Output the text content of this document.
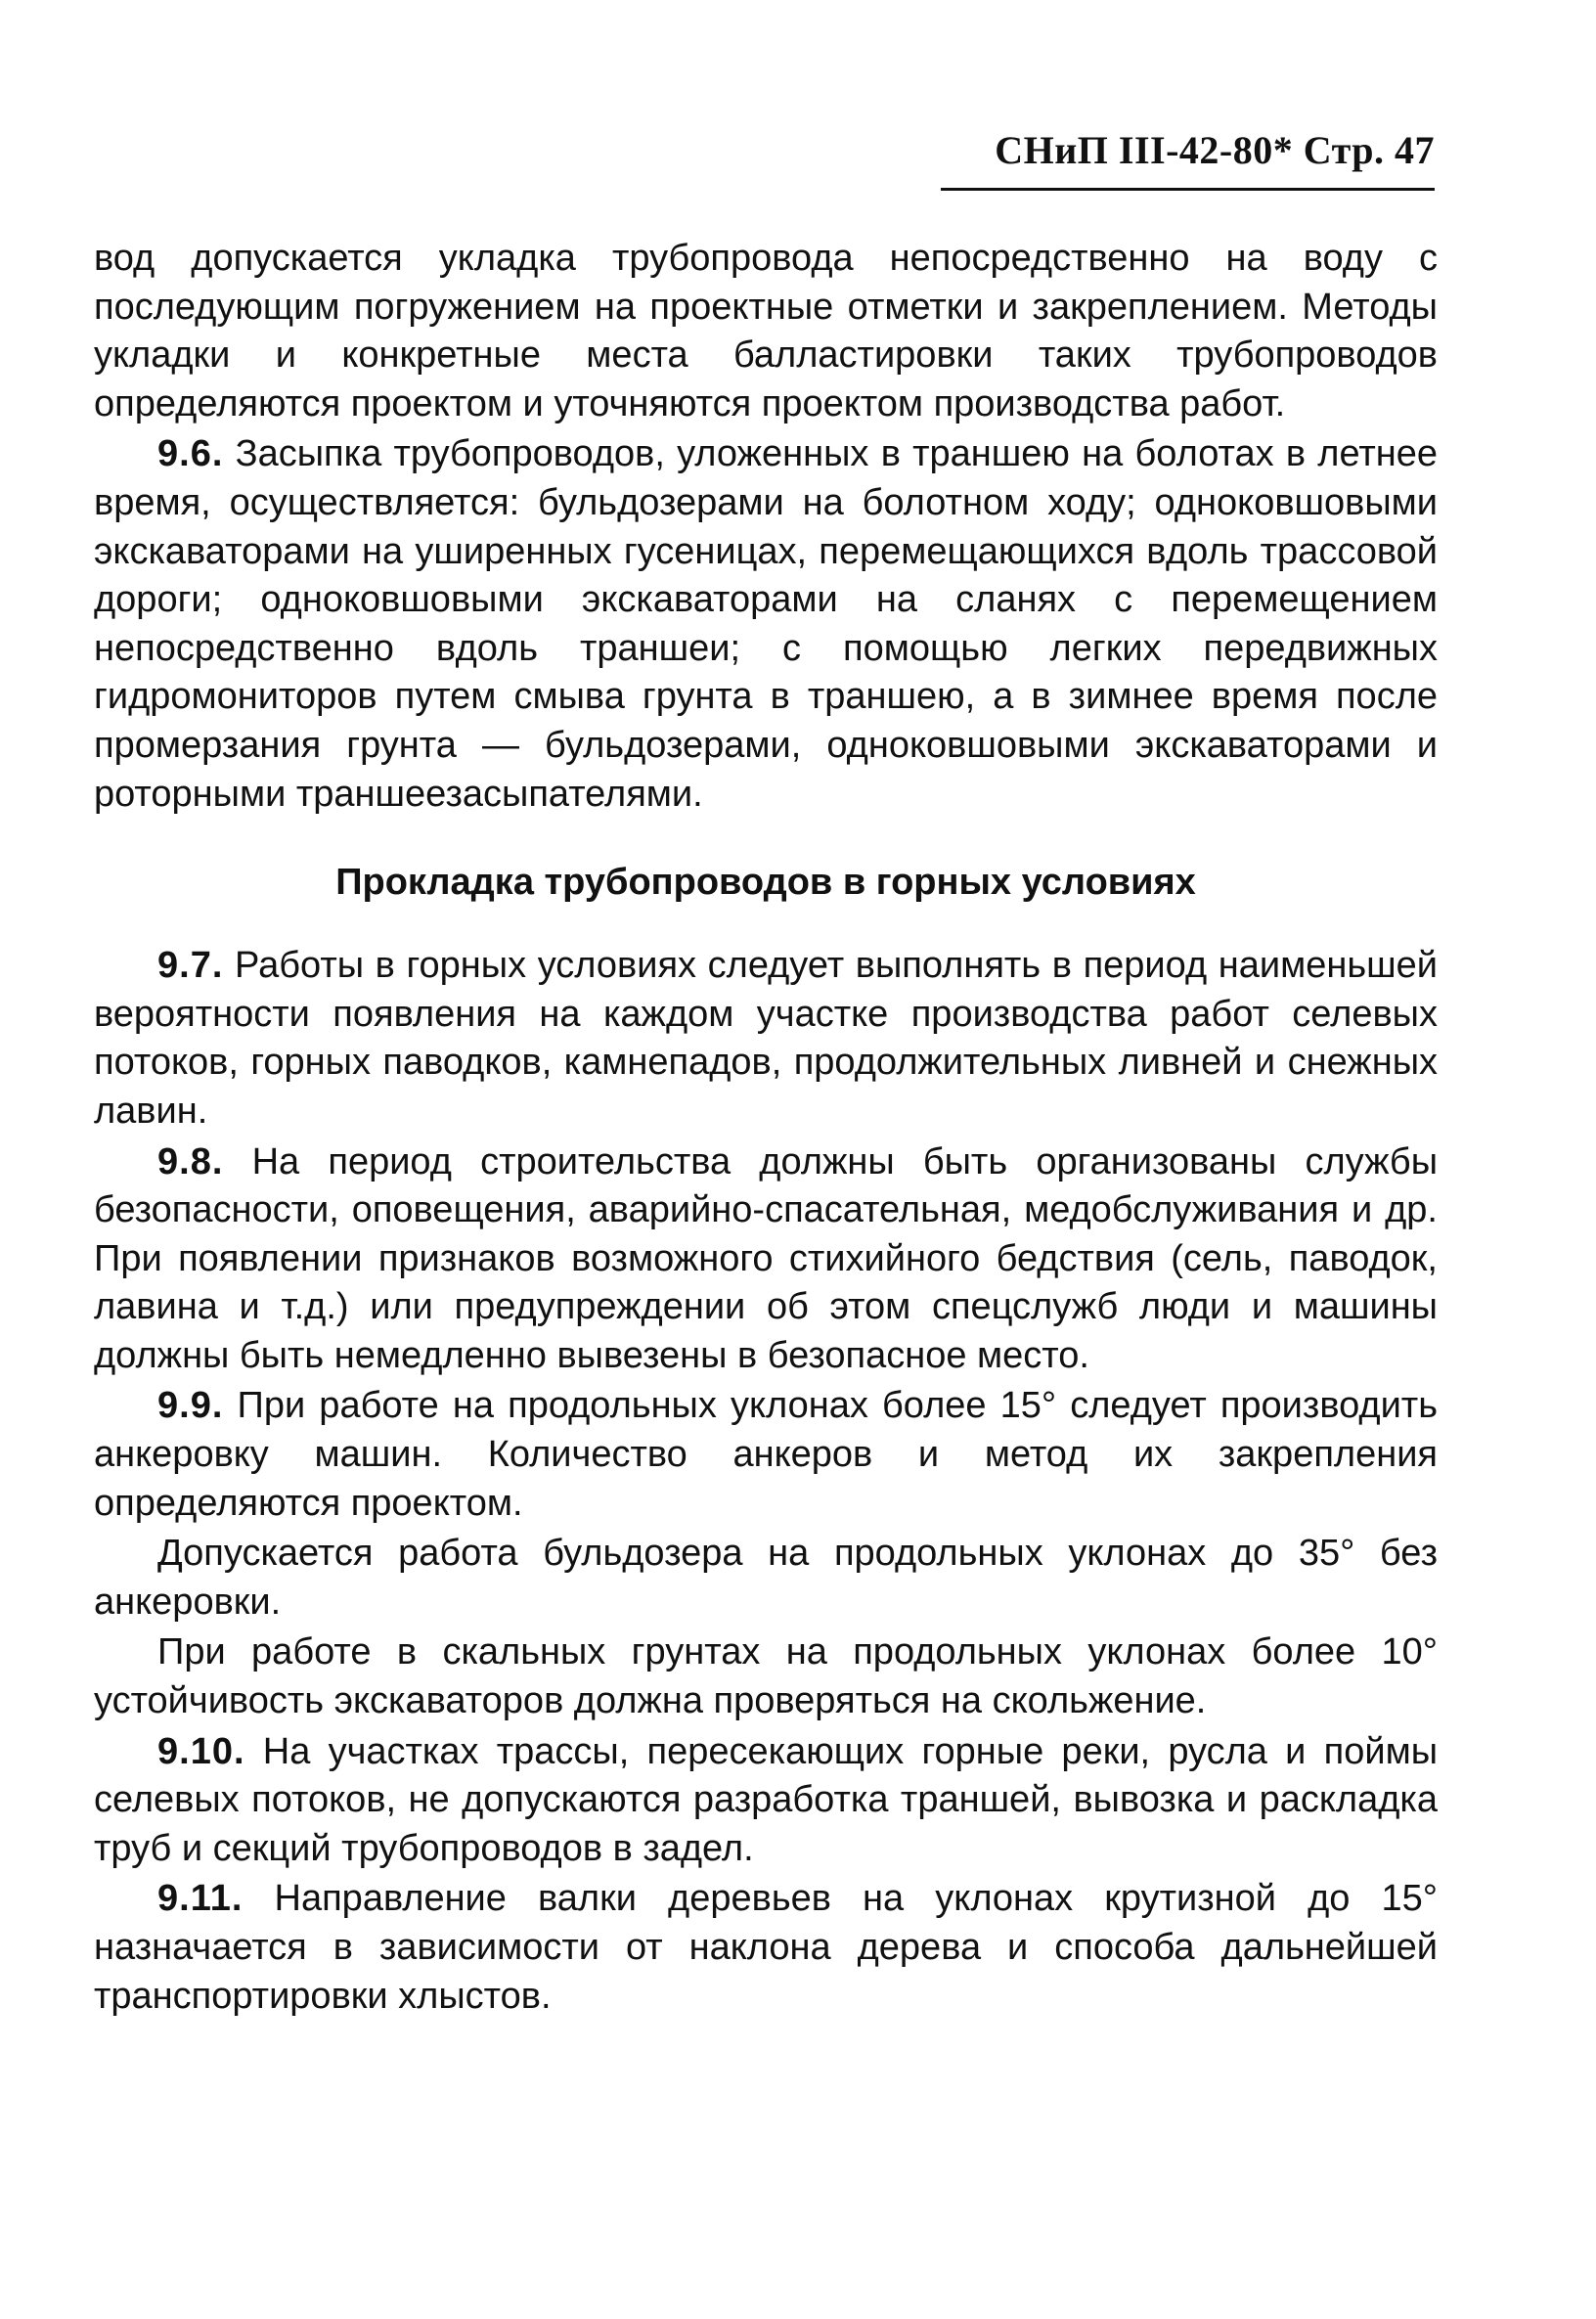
СНиП III-42-80* Стр. 47

вод допускается укладка трубопровода непосредственно на воду с последующим погружением на проектные отметки и закреплением. Методы укладки и конкретные места балластировки таких трубопроводов определяются проектом и уточняются проектом производства работ.

9.6. Засыпка трубопроводов, уложенных в траншею на болотах в летнее время, осуществляется: бульдозерами на болотном ходу; одноковшовыми экскаваторами на уширенных гусеницах, перемещающихся вдоль трассовой дороги; одноковшовыми экскаваторами на сланях с перемещением непосредственно вдоль траншеи; с помощью легких передвижных гидромониторов путем смыва грунта в траншею, а в зимнее время после промерзания грунта — бульдозерами, одноковшовыми экскаваторами и роторными траншеезасыпателями.

Прокладка трубопроводов в горных условиях

9.7. Работы в горных условиях следует выполнять в период наименьшей вероятности появления на каждом участке производства работ селевых потоков, горных паводков, камнепадов, продолжительных ливней и снежных лавин.

9.8. На период строительства должны быть организованы службы безопасности, оповещения, аварийно-спасательная, медобслуживания и др. При появлении признаков возможного стихийного бедствия (сель, паводок, лавина и т.д.) или предупреждении об этом спецслужб люди и машины должны быть немедленно вывезены в безопасное место.

9.9. При работе на продольных уклонах более 15° следует производить анкеровку машин. Количество анкеров и метод их закрепления определяются проектом.

Допускается работа бульдозера на продольных уклонах до 35° без анкеровки.

При работе в скальных грунтах на продольных уклонах более 10° устойчивость экскаваторов должна проверяться на скольжение.

9.10. На участках трассы, пересекающих горные реки, русла и поймы селевых потоков, не допускаются разработка траншей, вывозка и раскладка труб и секций трубопроводов в задел.

9.11. Направление валки деревьев на уклонах крутизной до 15° назначается в зависимости от наклона дерева и способа дальнейшей транспортировки хлыстов.
